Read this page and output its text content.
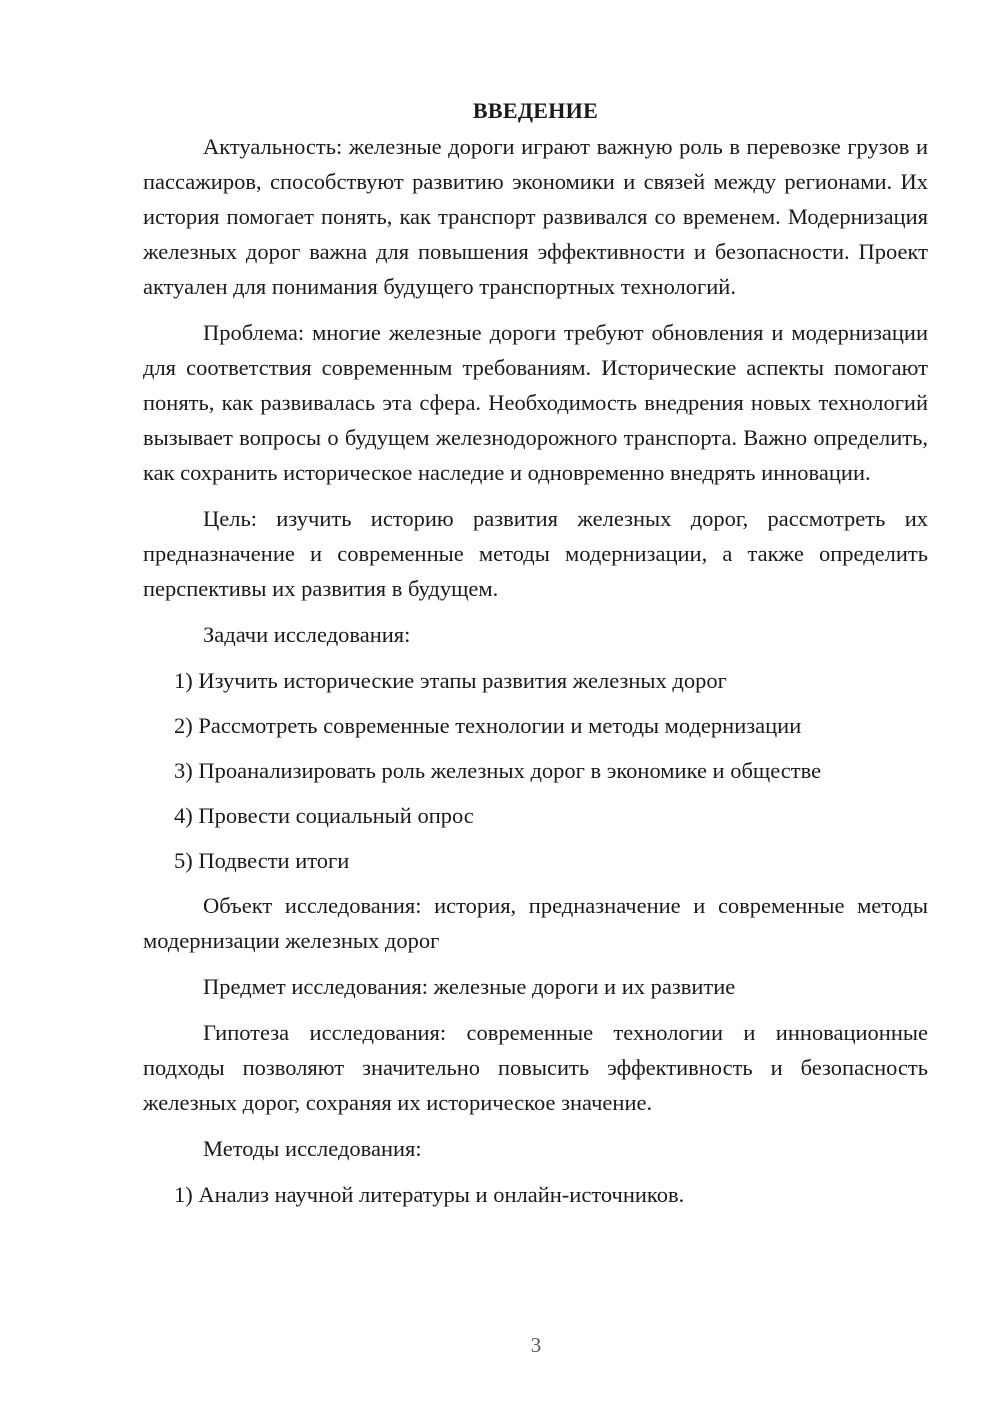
ВВЕДЕНИЕ

Актуальность: железные дороги играют важную роль в перевозке грузов и пассажиров, способствуют развитию экономики и связей между регионами. Их история помогает понять, как транспорт развивался со временем. Модернизация железных дорог важна для повышения эффективности и безопасности. Проект актуален для понимания будущего транспортных технологий.

Проблема: многие железные дороги требуют обновления и модернизации для соответствия современным требованиям. Исторические аспекты помогают понять, как развивалась эта сфера. Необходимость внедрения новых технологий вызывает вопросы о будущем железнодорожного транспорта. Важно определить, как сохранить историческое наследие и одновременно внедрять инновации.

Цель: изучить историю развития железных дорог, рассмотреть их предназначение и современные методы модернизации, а также определить перспективы их развития в будущем.

Задачи исследования:

1) Изучить исторические этапы развития железных дорог
2) Рассмотреть современные технологии и методы модернизации
3) Проанализировать роль железных дорог в экономике и обществе
4) Провести социальный опрос
5) Подвести итоги

Объект исследования: история, предназначение и современные методы модернизации железных дорог

Предмет исследования: железные дороги и их развитие

Гипотеза исследования: современные технологии и инновационные подходы позволяют значительно повысить эффективность и безопасность железных дорог, сохраняя их историческое значение.

Методы исследования:

1) Анализ научной литературы и онлайн-источников.
3
